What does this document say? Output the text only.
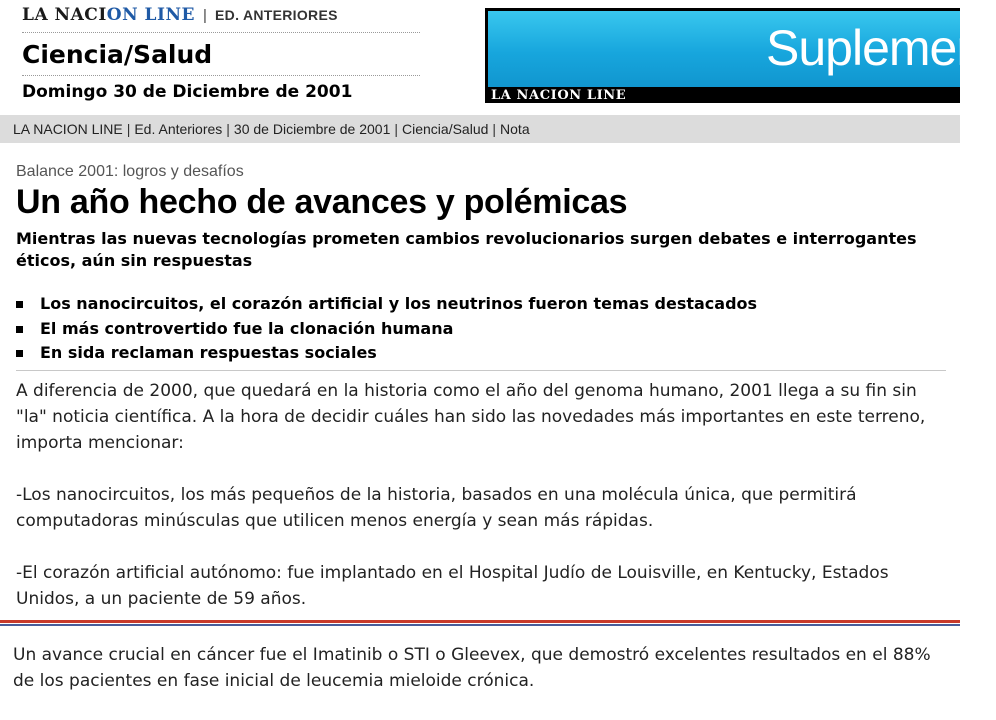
LA NACION LINE | ED. ANTERIORES
Ciencia/Salud
Domingo 30 de Diciembre de 2001
Suplement
LA NACION LINE
LA NACION LINE | Ed. Anteriores | 30 de Diciembre de 2001 | Ciencia/Salud | Nota
Balance 2001: logros y desafíos
Un año hecho de avances y polémicas
Mientras las nuevas tecnologías prometen cambios revolucionarios surgen debates e interrogantes éticos, aún sin respuestas
Los nanocircuitos, el corazón artificial y los neutrinos fueron temas destacados
El más controvertido fue la clonación humana
En sida reclaman respuestas sociales

A diferencia de 2000, que quedará en la historia como el año del genoma humano, 2001 llega a su fin sin "la" noticia científica. A la hora de decidir cuáles han sido las novedades más importantes en este terreno, importa mencionar:

-Los nanocircuitos, los más pequeños de la historia, basados en una molécula única, que permitirá computadoras minúsculas que utilicen menos energía y sean más rápidas.

-El corazón artificial autónomo: fue implantado en el Hospital Judío de Louisville, en Kentucky, Estados Unidos, a un paciente de 59 años.

Un avance crucial en cáncer fue el Imatinib o STI o Gleevex, que demostró excelentes resultados en el 88% de los pacientes en fase inicial de leucemia mieloide crónica.
